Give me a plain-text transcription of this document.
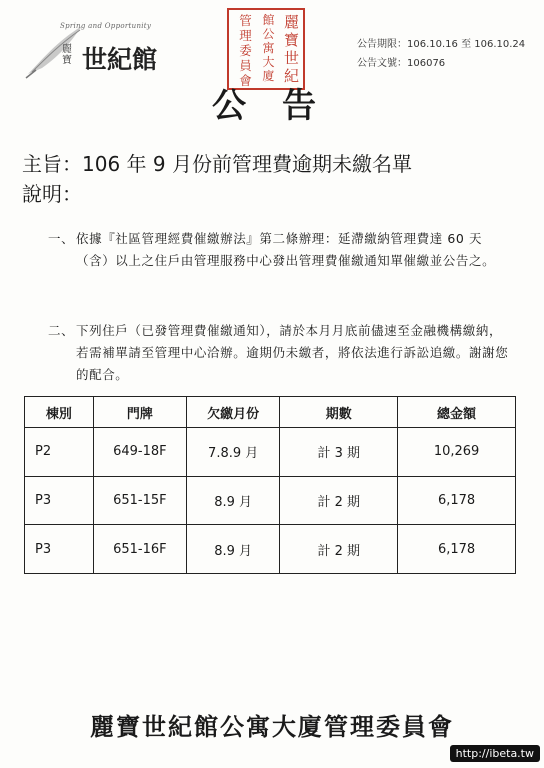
Spring and Opportunity
麗寶 世紀館
麗寶世紀
館公寓大廈
管理委員會
公告期限：106.10.16 至 106.10.24
公告文號：106076
公告
主旨：106 年 9 月份前管理費逾期未繳名單
說明：
一、 依據『社區管理經費催繳辦法』第二條辦理：延滯繳納管理費達 60 天（含）以上之住戶由管理服務中心發出管理費催繳通知單催繳並公告之。
二、 下列住戶（已發管理費催繳通知），請於本月月底前儘速至金融機構繳納，若需補單請至管理中心洽辦。逾期仍未繳者，將依法進行訴訟追繳。謝謝您的配合。
棟別	門牌	欠繳月份	期數	總金額
P2	649-18F	7.8.9 月	計 3 期	10,269
P3	651-15F	8.9 月	計 2 期	6,178
P3	651-16F	8.9 月	計 2 期	6,178
麗寶世紀館公寓大廈管理委員會
http://ibeta.tw
